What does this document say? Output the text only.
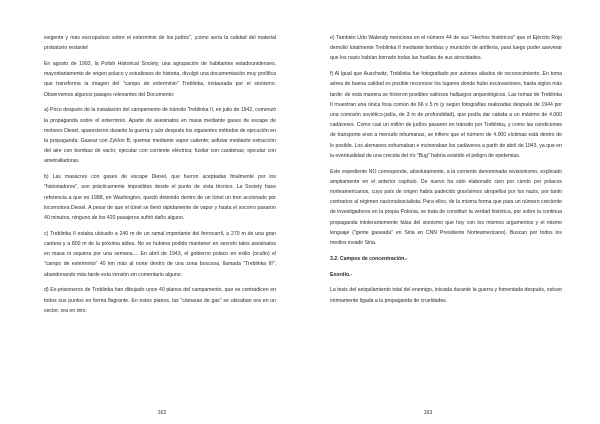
exigente y más escrupuloso sobre el exterminio de los judíos", ¡cómo sería la calidad del material probatorio restante!

En agosto de 1992, la Polish Historical Society, una agrupación de habitantes estadounidenses, mayoritariamente de origen polaco y estudiosos de historia, divulgó una documentación muy prolífica que transforma la imagen del "campo de exterminio" Treblinka, instaurada por el sionismo. Observemos algunos pasajes relevantes del Documento:

a) Poco después de la instalación del campamento de tránsito Treblinka II, en julio de 1942, comenzó la propaganda sobre el exterminio. Aparte de asesinatos en masa mediante gases de escape de motores Diesel, aparecieron durante la guerra y aún después los siguientes métodos de ejecución en la propaganda: Gasear con Zyklon B; quemar mediante vapor caliente; asfixiar mediante extracción del aire con bombas de vacío; ejecutar con corriente eléctrica; fusilar con carabinas; ejecutar con ametralladoras.

b) Las masacres con gases de escape Diesel, que fueron aceptadas finalmente por los "historiadores", son prácticamente imposibles desde el punto de vista técnico. La Society hace referencia a que en 1988, en Washington, quedó detenido dentro de un túnel un tren accionado por locomotora Diesel. A pesar de que el túnel se llenó rápidamente de vapor y hasta el socorro pasaron 40 minutos, ninguno de los 420 pasajeros sufrió daño alguno.

c) Treblinka II estaba ubicado a 240 m de un ramal importante del ferrocarril, a 270 m de una gran cantera y a 800 m de la próxima aldea. No se hubiera podido mantener en secreto tales asesinatos en masa ni siquiera por una semana.... En abril de 1943, el gobierno polaco en exilio (oculto) el "campo de exterminio" 40 km más al norte dentro de una zona boscosa, llamada "Treblinka III", abandonando más tarde esta versión sin comentario alguno.

d) Ex-prisioneros de Treblinka han dibujado unos 40 planos del campamento, que se contradicen en todos sus puntos en forma flagrante. En estos planos, las "cámaras de gas" se ubicaban ora en un sector, ora en otro.

162

e) También Udo Walendy menciona en el número 44 de sus "Hechos históricos" que el Ejército Rojo demolió totalmente Treblinka II mediante bombas y munición de artillería, para luego poder aseverar que los nazis habían borrado todas las huellas de sus atrocidades.

f) Al igual que Auschwitz, Treblinka fue fotografiado por aviones aliados de reconocimiento. En toma aérea de buena calidad es posible reconocer los lugares donde hubo excavaciones, hasta siglos más tarde: de esta manera se hicieron posibles valiosos hallazgos arqueológicos. Las tomas de Treblinka II muestran una única fosa común de 66 x 5 m (y según fotografías realizadas después de 1944 por una comisión soviético-judía, de 3 m de profundidad), que podía dar cabida a un máximo de 4.000 cadáveres. Como casi un millón de judíos pasaron en tránsito por Treblinka, y como las condiciones de transporte eran a menudo inhumanas, se infiere que el número de 4.000 víctimas está dentro de lo posible. Los alemanes exhumaban e incineraban los cadáveres a partir de abril de 1943, ya que en la eventualidad de una crecida del río "Bug" habría existido el peligro de epidemias.

Este expediente NO corresponde, absolutamente, a la corriente denominada revisionismo, explicado ampliamente en el anterior capítulo. De nuevo ha sido elaborado cien por ciento por polacos norteamericanos, cuyo país de origen había padecido gravísimos atropellos por los nazis, por tanto contrarios al régimen nacionalsocialista. Para ellos, de la misma forma que para un número creciente de investigadores en la propia Polonia, se trata de constituir la verdad histórica, por sobre la continua propaganda intolerantemente falsa del sionismo que hoy con los mismos argumentos y el mismo lenguaje ("gente gaseada" en Siria en CNN Presidente Norteamericano). Buscan por todos los medios invadir Siria.

3.2. Campos de concentración.-

Exordio.-

La tesis del aniquilamiento total del enemigo, iniciada durante la guerra y fomentada después, estuvo íntimamente ligada a la propaganda de crueldades.

163
